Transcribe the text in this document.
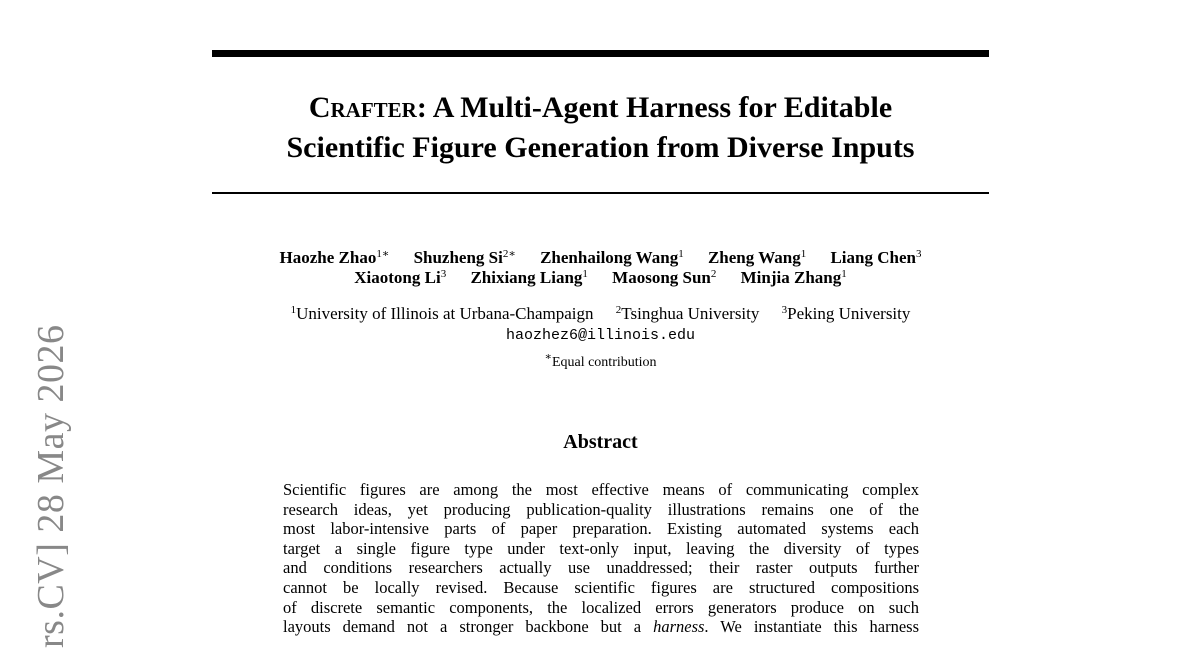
rs.CV] 28 May 2026
Crafter: A Multi-Agent Harness for Editable
Scientific Figure Generation from Diverse Inputs
Haozhe Zhao$^{1∗}$ Shuzheng $Si^{2∗}$ Zhenhailong Wang$^1$ Zheng Wang$^1$ Liang Chen$^3$
Xiaotong Li$^3$ Zhixiang Liang$^1$ Maosong Sun$^2$ Minjia Zhang$^1$
$^1$University of Illinois at Urbana-Champaign $^2$Tsinghua University $^3$Peking University
haozhez6@illinois.edu
∗Equal contribution
Abstract
Scientific figures are among the most effective means of communicating complex
research ideas, yet producing publication-quality illustrations remains one of the
most labor-intensive parts of paper preparation. Existing automated systems each
target a single figure type under text-only input, leaving the diversity of types
and conditions researchers actually use unaddressed; their raster outputs further
cannot be locally revised. Because scientific figures are structured compositions
of discrete semantic components, the localized errors generators produce on such
layouts demand not a stronger backbone but a harness. We instantiate this harness
